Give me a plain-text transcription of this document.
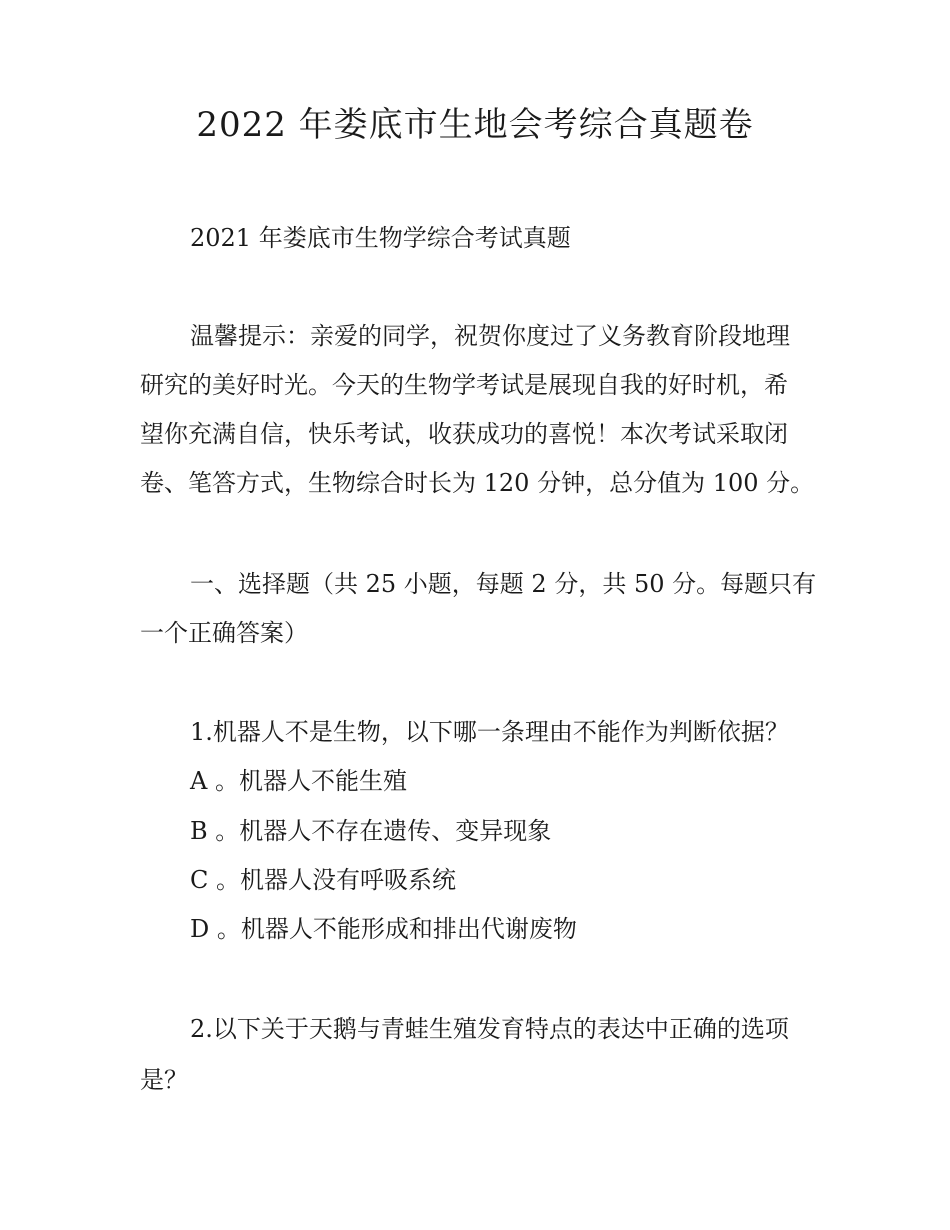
2022 年娄底市生地会考综合真题卷
2021 年娄底市生物学综合考试真题
温馨提示：亲爱的同学，祝贺你度过了义务教育阶段地理
研究的美好时光。今天的生物学考试是展现自我的好时机，希
望你充满自信，快乐考试，收获成功的喜悦！本次考试采取闭
卷、笔答方式，生物综合时长为 120 分钟，总分值为 100 分。
一、选择题（共 25 小题，每题 2 分，共 50 分。每题只有
一个正确答案）
1.机器人不是生物，以下哪一条理由不能作为判断依据？
A 。机器人不能生殖
B 。机器人不存在遗传、变异现象
C 。机器人没有呼吸系统
D 。机器人不能形成和排出代谢废物
2.以下关于天鹅与青蛙生殖发育特点的表达中正确的选项
是？
